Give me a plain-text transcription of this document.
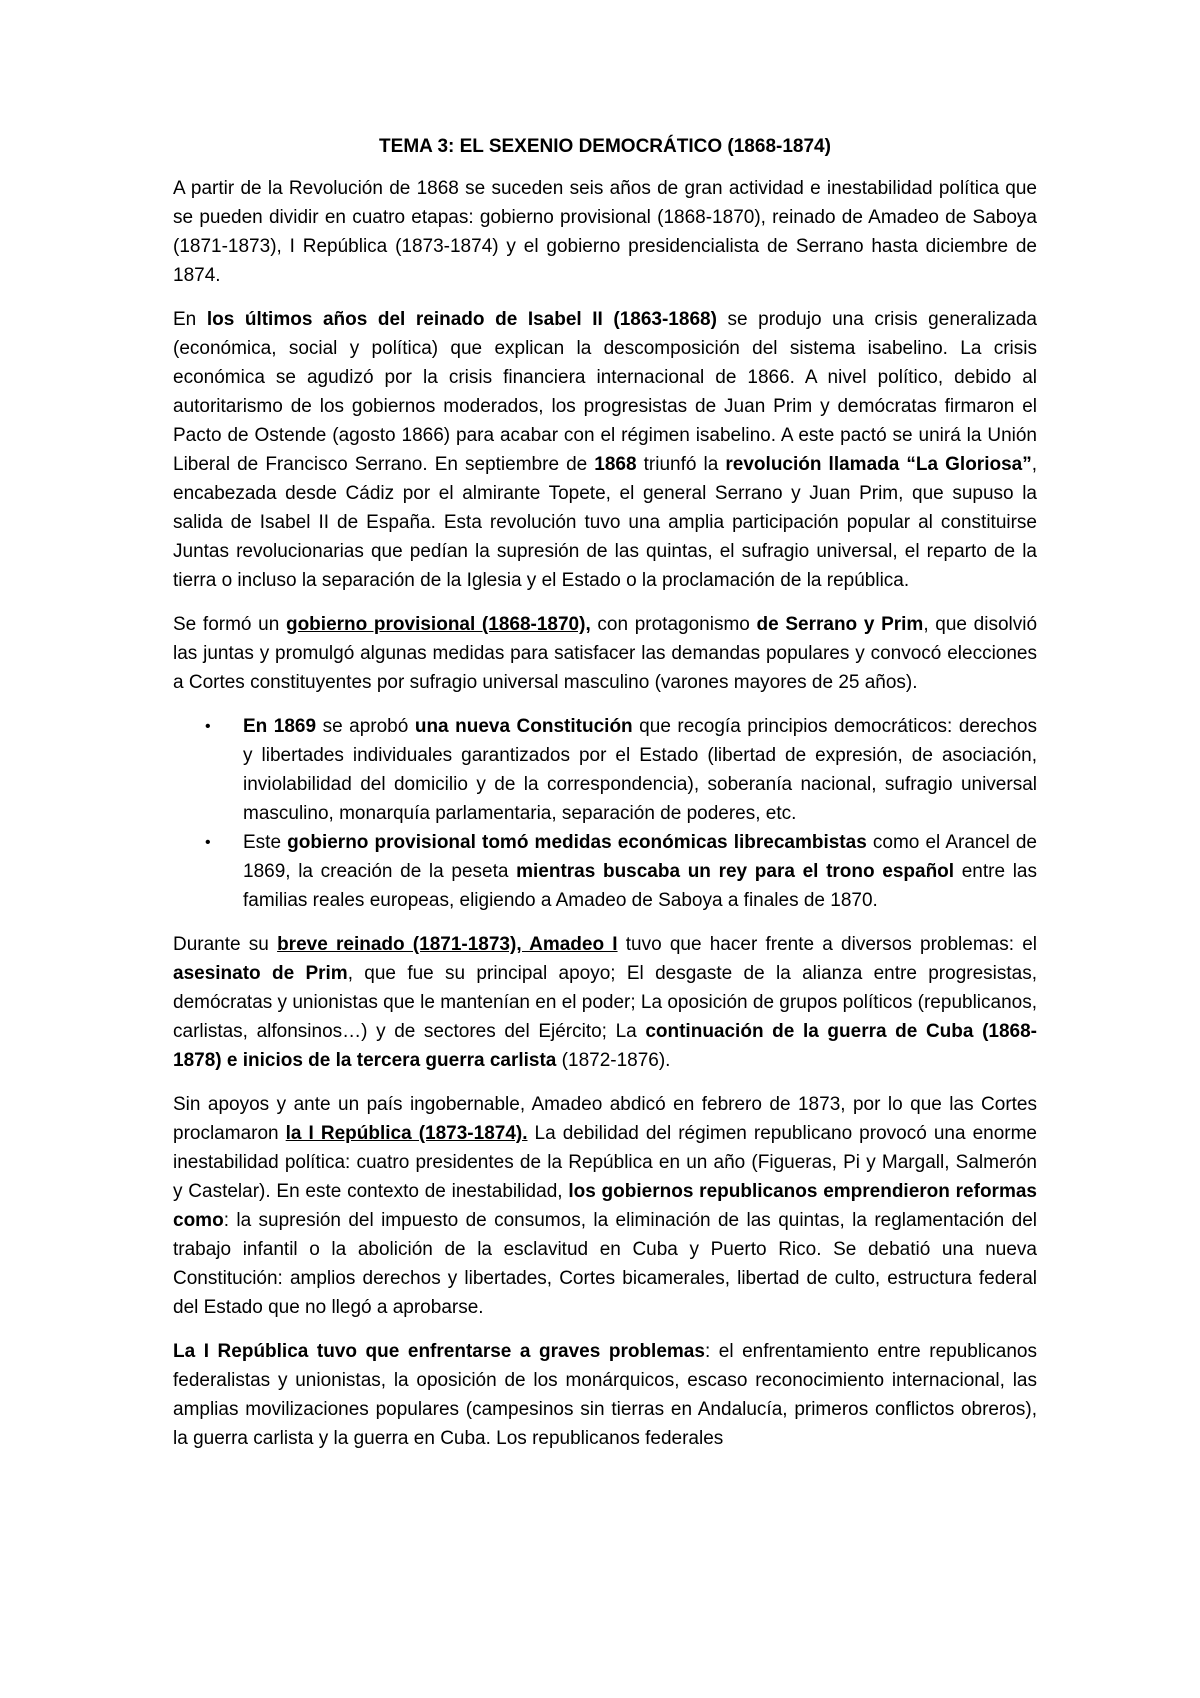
TEMA 3: EL SEXENIO DEMOCRÁTICO (1868-1874)

A partir de la Revolución de 1868 se suceden seis años de gran actividad e inestabilidad política que se pueden dividir en cuatro etapas: gobierno provisional (1868-1870), reinado de Amadeo de Saboya (1871-1873), I República (1873-1874) y el gobierno presidencialista de Serrano hasta diciembre de 1874.

En los últimos años del reinado de Isabel II (1863-1868) se produjo una crisis generalizada (económica, social y política) que explican la descomposición del sistema isabelino. La crisis económica se agudizó por la crisis financiera internacional de 1866. A nivel político, debido al autoritarismo de los gobiernos moderados, los progresistas de Juan Prim y demócratas firmaron el Pacto de Ostende (agosto 1866) para acabar con el régimen isabelino. A este pactó se unirá la Unión Liberal de Francisco Serrano. En septiembre de 1868 triunfó la revolución llamada “La Gloriosa”, encabezada desde Cádiz por el almirante Topete, el general Serrano y Juan Prim, que supuso la salida de Isabel II de España. Esta revolución tuvo una amplia participación popular al constituirse Juntas revolucionarias que pedían la supresión de las quintas, el sufragio universal, el reparto de la tierra o incluso la separación de la Iglesia y el Estado o la proclamación de la república.

Se formó un gobierno provisional (1868-1870), con protagonismo de Serrano y Prim, que disolvió las juntas y promulgó algunas medidas para satisfacer las demandas populares y convocó elecciones a Cortes constituyentes por sufragio universal masculino (varones mayores de 25 años).

•	En 1869 se aprobó una nueva Constitución que recogía principios democráticos: derechos y libertades individuales garantizados por el Estado (libertad de expresión, de asociación, inviolabilidad del domicilio y de la correspondencia), soberanía nacional, sufragio universal masculino, monarquía parlamentaria, separación de poderes, etc.
•	Este gobierno provisional tomó medidas económicas librecambistas como el Arancel de 1869, la creación de la peseta mientras buscaba un rey para el trono español entre las familias reales europeas, eligiendo a Amadeo de Saboya a finales de 1870.

Durante su breve reinado (1871-1873), Amadeo I tuvo que hacer frente a diversos problemas: el asesinato de Prim, que fue su principal apoyo; El desgaste de la alianza entre progresistas, demócratas y unionistas que le mantenían en el poder; La oposición de grupos políticos (republicanos, carlistas, alfonsinos…) y de sectores del Ejército; La continuación de la guerra de Cuba (1868-1878) e inicios de la tercera guerra carlista (1872-1876).

Sin apoyos y ante un país ingobernable, Amadeo abdicó en febrero de 1873, por lo que las Cortes proclamaron la I República (1873-1874). La debilidad del régimen republicano provocó una enorme inestabilidad política: cuatro presidentes de la República en un año (Figueras, Pi y Margall, Salmerón y Castelar). En este contexto de inestabilidad, los gobiernos republicanos emprendieron reformas como: la supresión del impuesto de consumos, la eliminación de las quintas, la reglamentación del trabajo infantil o la abolición de la esclavitud en Cuba y Puerto Rico. Se debatió una nueva Constitución: amplios derechos y libertades, Cortes bicamerales, libertad de culto, estructura federal del Estado que no llegó a aprobarse.

La I República tuvo que enfrentarse a graves problemas: el enfrentamiento entre republicanos federalistas y unionistas, la oposición de los monárquicos, escaso reconocimiento internacional, las amplias movilizaciones populares (campesinos sin tierras en Andalucía, primeros conflictos obreros), la guerra carlista y la guerra en Cuba. Los republicanos federales
